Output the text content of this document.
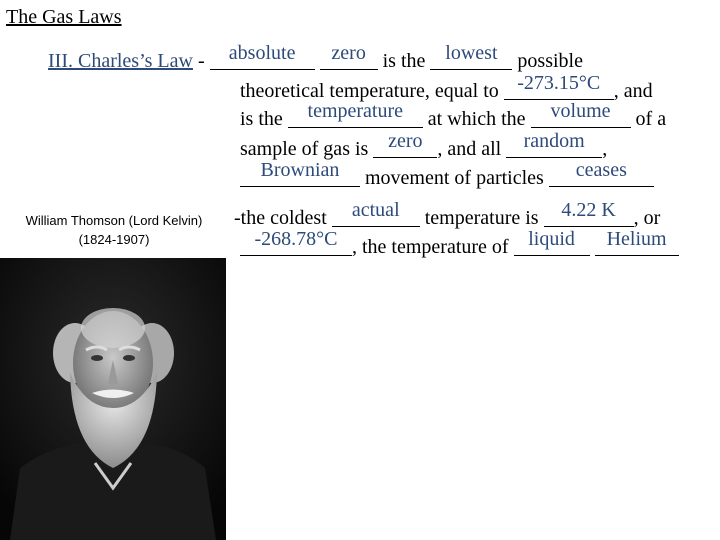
The Gas Laws
III. Charles’s Law - absolute zero is the lowest possible
theoretical temperature, equal to -273.15°C , and
is the temperature at which the volume of a
sample of gas is zero , and all random ,
Brownian movement of particles ceases
-the coldest actual temperature is 4.22 K , or
-268.78°C , the temperature of liquid Helium
William Thomson (Lord Kelvin)
(1824-1907)
